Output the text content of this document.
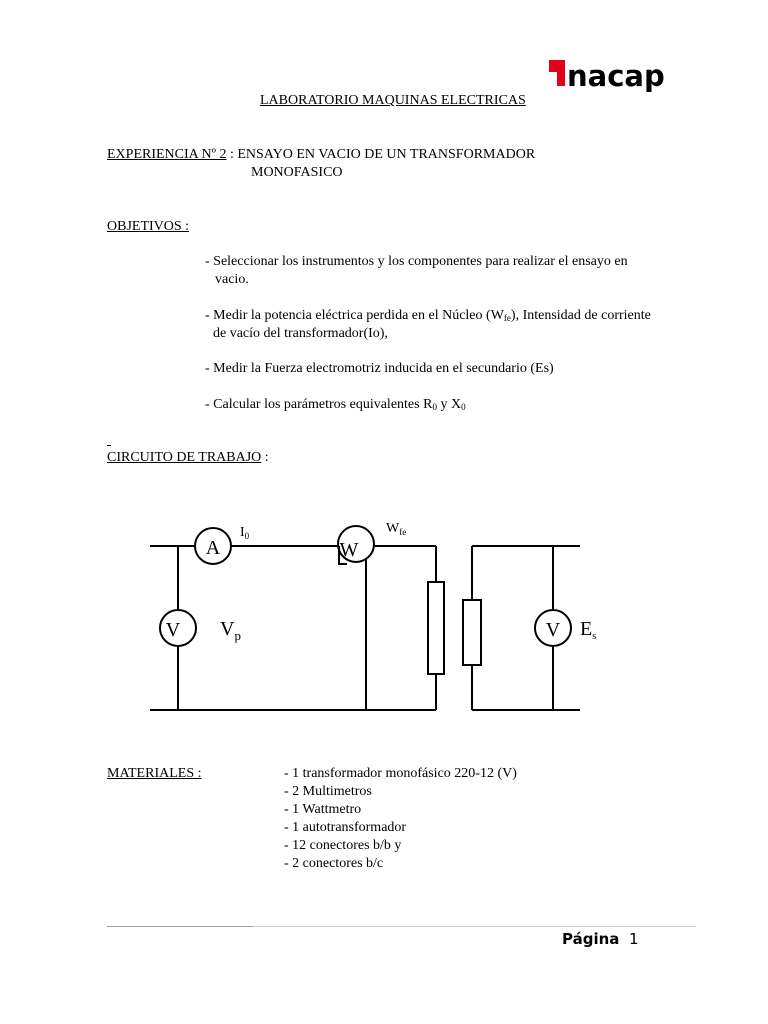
nacap
LABORATORIO MAQUINAS ELECTRICAS
EXPERIENCIA Nº 2 : ENSAYO EN VACIO DE UN TRANSFORMADOR
MONOFASICO
OBJETIVOS :
- Seleccionar los instrumentos y los componentes para realizar el ensayo en
vacio.
- Medir la potencia eléctrica perdida en el Núcleo $(W_{fe})$, Intensidad de corriente
de vacío del transformador(Io),
- Medir la Fuerza electromotriz inducida en el secundario (Es)
- Calcular los parámetros equivalentes $R_0$ y $X_0$
CIRCUITO DE TRABAJO :
A	W
V	V
$I_0$	$W_{fe}$
$V_p$	$E_s$
MATERIALES :	- 1 transformador monofásico 220-12 (V)
- 2 Multimetros
- 1 Wattmetro
- 1 autotransformador
- 12 conectores b/b y
- 2 conectores b/c
Página 1
